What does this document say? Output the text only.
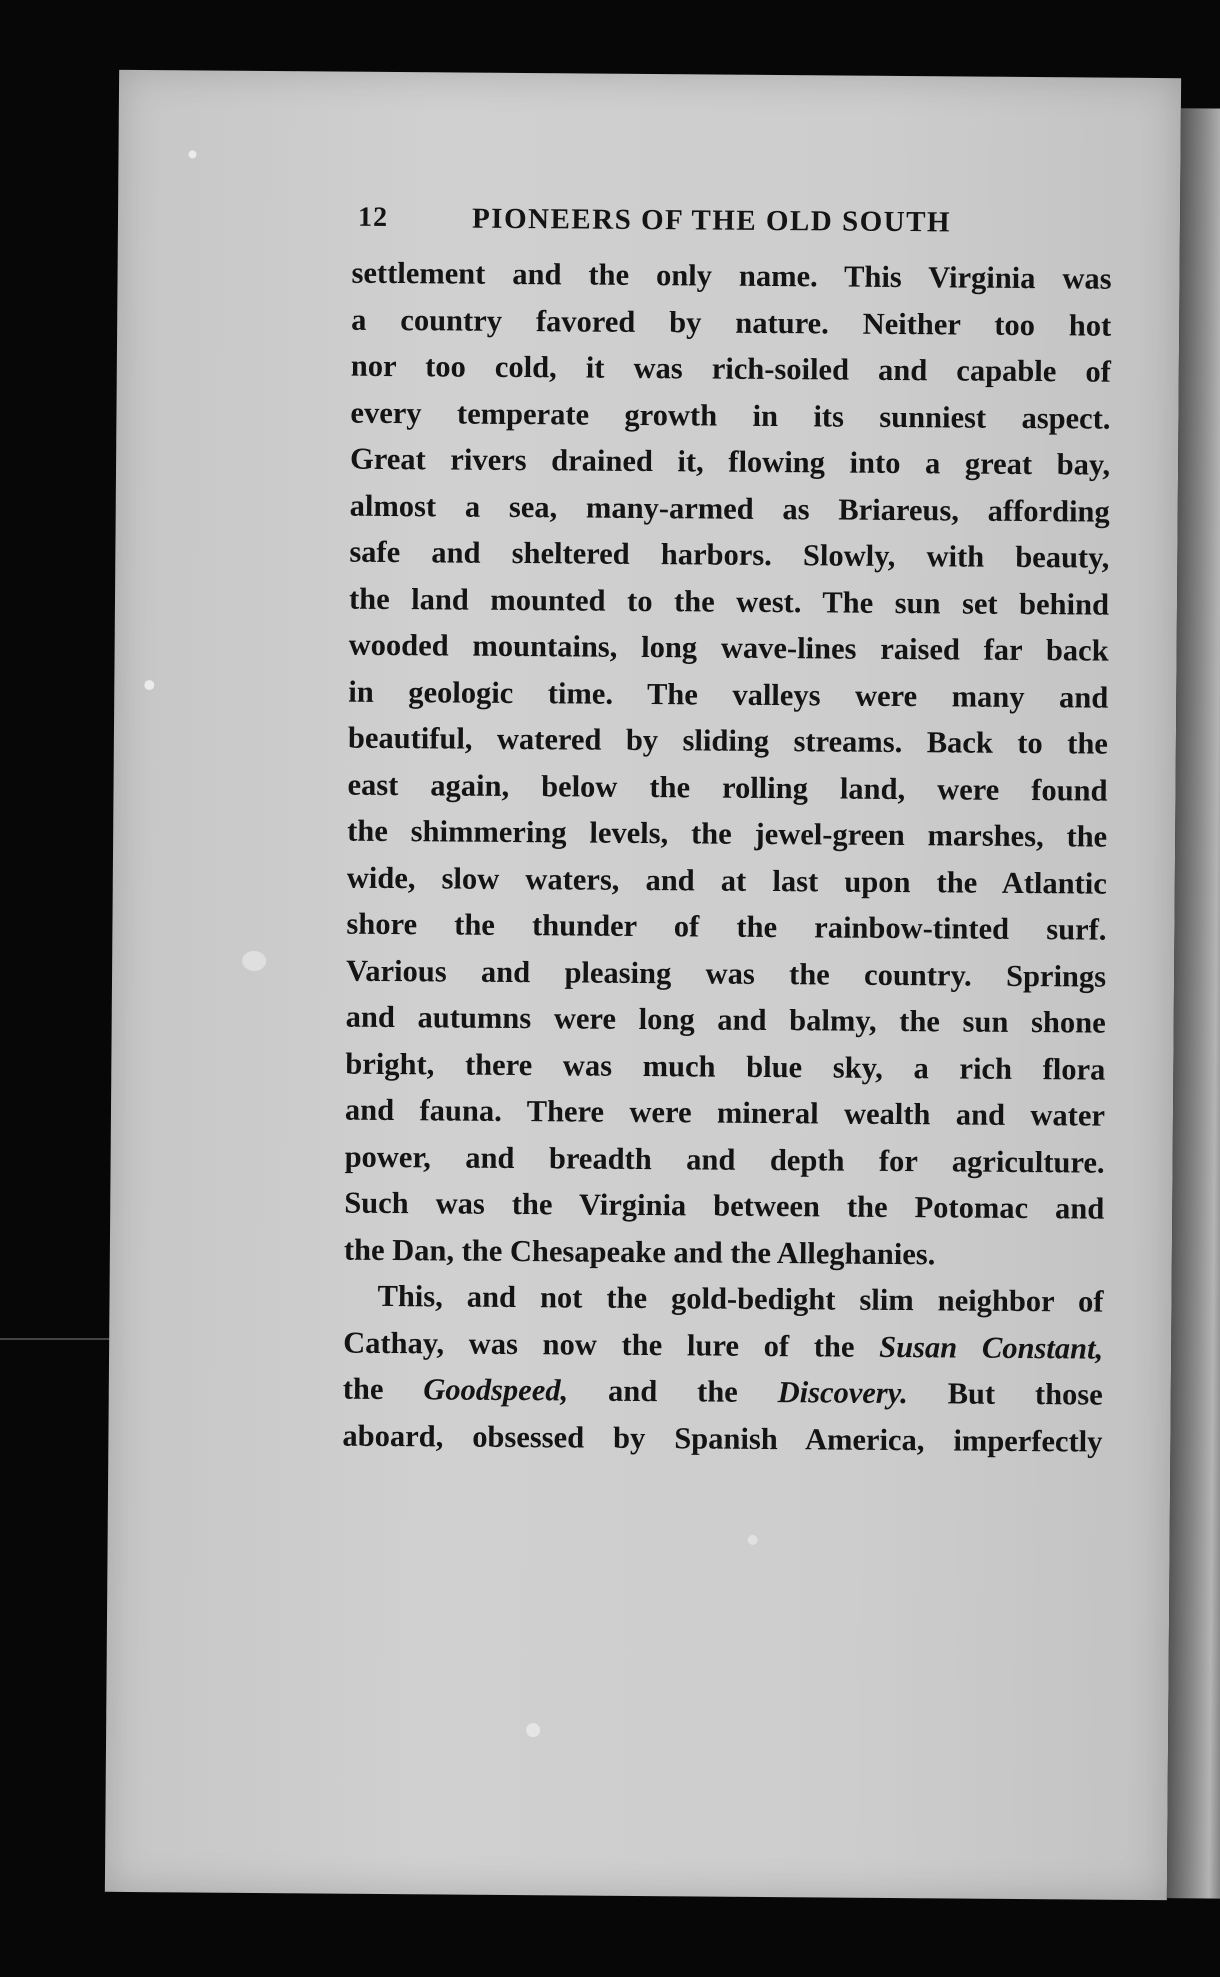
12	PIONEERS OF THE OLD SOUTH
settlement and the only name. This Virginia was
a country favored by nature. Neither too hot
nor too cold, it was rich-soiled and capable of
every temperate growth in its sunniest aspect.
Great rivers drained it, flowing into a great bay,
almost a sea, many-armed as Briareus, affording
safe and sheltered harbors. Slowly, with beauty,
the land mounted to the west. The sun set behind
wooded mountains, long wave-lines raised far back
in geologic time. The valleys were many and
beautiful, watered by sliding streams. Back to the
east again, below the rolling land, were found
the shimmering levels, the jewel-green marshes, the
wide, slow waters, and at last upon the Atlantic
shore the thunder of the rainbow-tinted surf.
Various and pleasing was the country. Springs
and autumns were long and balmy, the sun shone
bright, there was much blue sky, a rich flora
and fauna. There were mineral wealth and water
power, and breadth and depth for agriculture.
Such was the Virginia between the Potomac and
the Dan, the Chesapeake and the Alleghanies.
This, and not the gold-bedight slim neighbor of
Cathay, was now the lure of the Susan Constant,
the Goodspeed, and the Discovery. But those
aboard, obsessed by Spanish America, imperfectly
